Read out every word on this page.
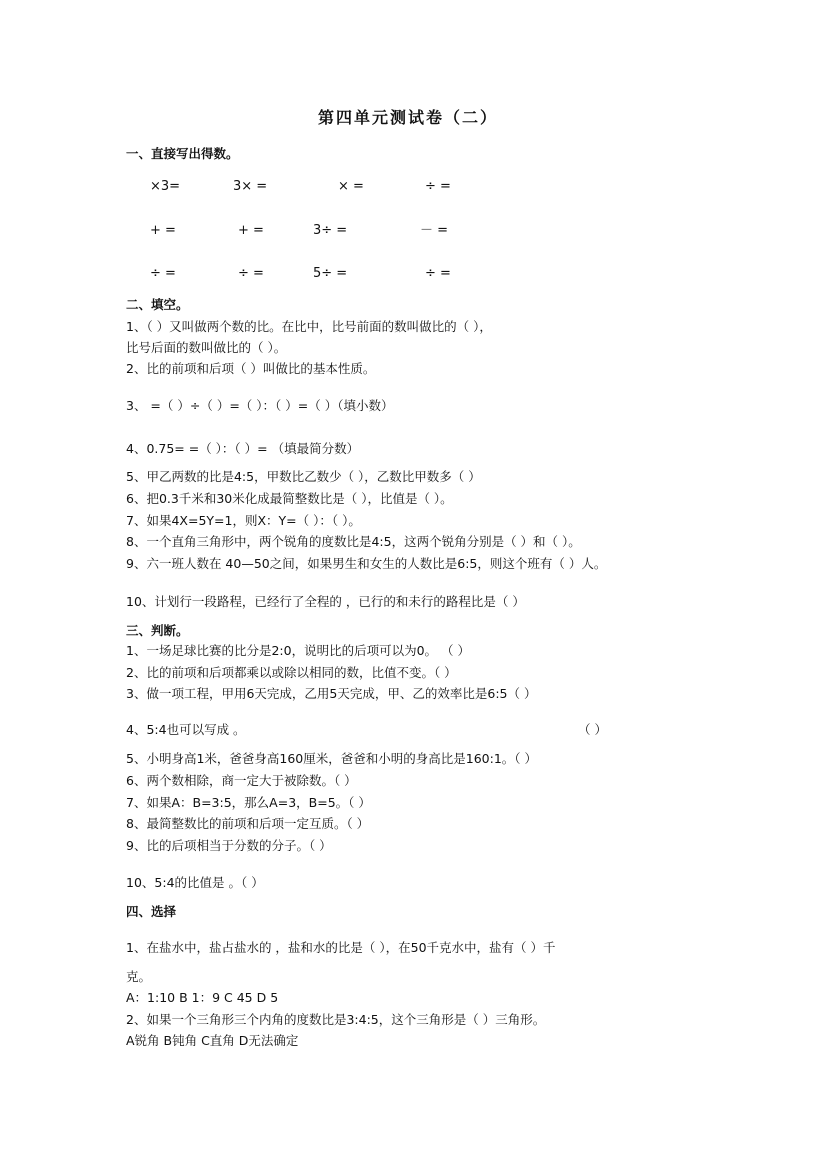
第四单元测试卷（二）
一、直接写出得数。
×3=	3× =	× =	÷ =
+ =	+ =	3÷ =	－ =
÷ =	÷ =	5÷ =	÷ =
二、填空。
1、（ ）又叫做两个数的比。在比中，比号前面的数叫做比的（ ），
比号后面的数叫做比的（ ）。
2、比的前项和后项（ ）叫做比的基本性质。
3、 =（ ）÷（ ）=（ ）：（ ）=（ ）（填小数）
4、0.75= =（ ）：（ ）= （填最简分数）
5、甲乙两数的比是4:5，甲数比乙数少（ ），乙数比甲数多（ ）
6、把0.3千米和30米化成最简整数比是（ ），比值是（ ）。
7、如果4X=5Y=1，则X：Y=（ ）：（ ）。
8、一个直角三角形中，两个锐角的度数比是4:5，这两个锐角分别是（ ）和（ ）。
9、六一班人数在 40—50之间，如果男生和女生的人数比是6:5，则这个班有（ ）人。
10、计划行一段路程，已经行了全程的 ，已行的和未行的路程比是（ ）
三、判断。
1、一场足球比赛的比分是2:0，说明比的后项可以为0。 （ ）
2、比的前项和后项都乘以或除以相同的数，比值不变。（ ）
3、做一项工程，甲用6天完成，乙用5天完成，甲、乙的效率比是6:5（ ）
4、5:4也可以写成 。	（ ）
5、小明身高1米，爸爸身高160厘米，爸爸和小明的身高比是160:1。（ ）
6、两个数相除，商一定大于被除数。（ ）
7、如果A：B=3:5，那么A=3，B=5。（ ）
8、最简整数比的前项和后项一定互质。（ ）
9、比的后项相当于分数的分子。（ ）
10、5:4的比值是 。（ ）
四、选择
1、在盐水中，盐占盐水的 ，盐和水的比是（ ），在50千克水中，盐有（ ）千
克。
A：1:10 B 1：9 C 45 D 5
2、如果一个三角形三个内角的度数比是3:4:5，这个三角形是（ ）三角形。
A锐角 B钝角 C直角 D无法确定
